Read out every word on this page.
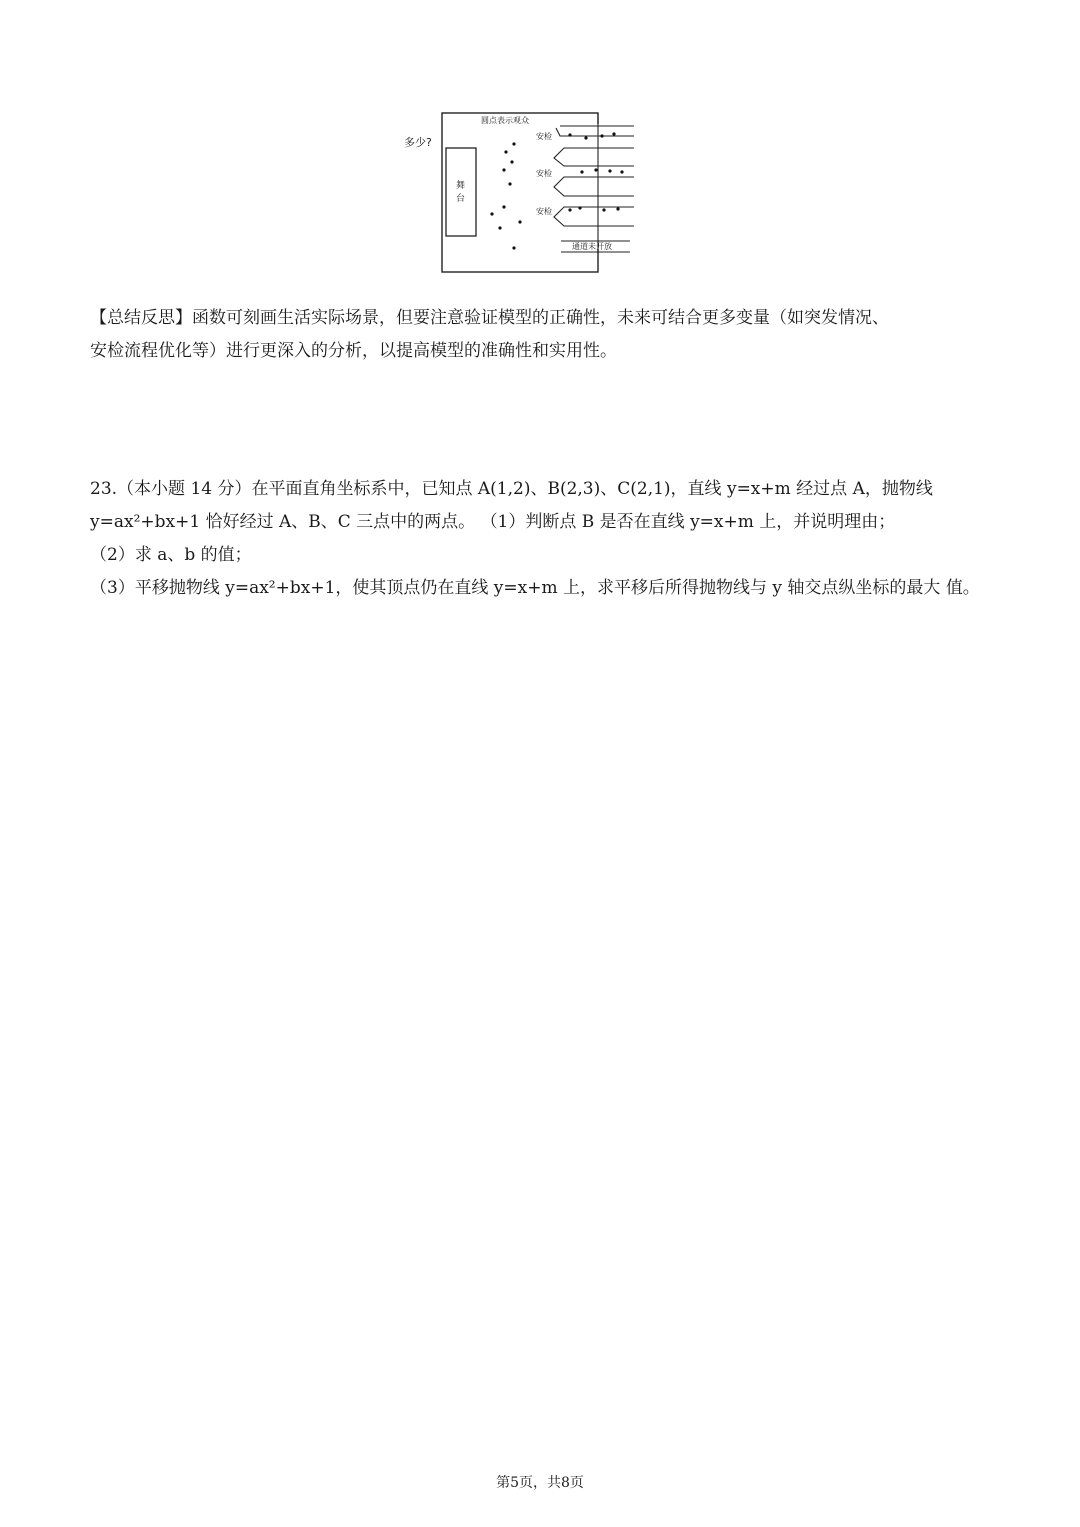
舞
台
多少?
圆点表示观众
安检
安检
安检
通道未开放
【总结反思】函数可刻画生活实际场景，但要注意验证模型的正确性，未来可结合更多变量（如突发情况、 安检流程优化等）进行更深入的分析，以提高模型的准确性和实用性。
23.（本小题 14 分）在平面直角坐标系中，已知点 A(1,2)、B(2,3)、C(2,1)，直线 y=x+m 经过点 A，抛物线 y=ax²+bx+1 恰好经过 A、B、C 三点中的两点。 （1）判断点 B 是否在直线 y=x+m 上，并说明理由； （2）求 a、b 的值； （3）平移抛物线 y=ax²+bx+1，使其顶点仍在直线 y=x+m 上，求平移后所得抛物线与 y 轴交点纵坐标的最大 值。
第5页，共8页
